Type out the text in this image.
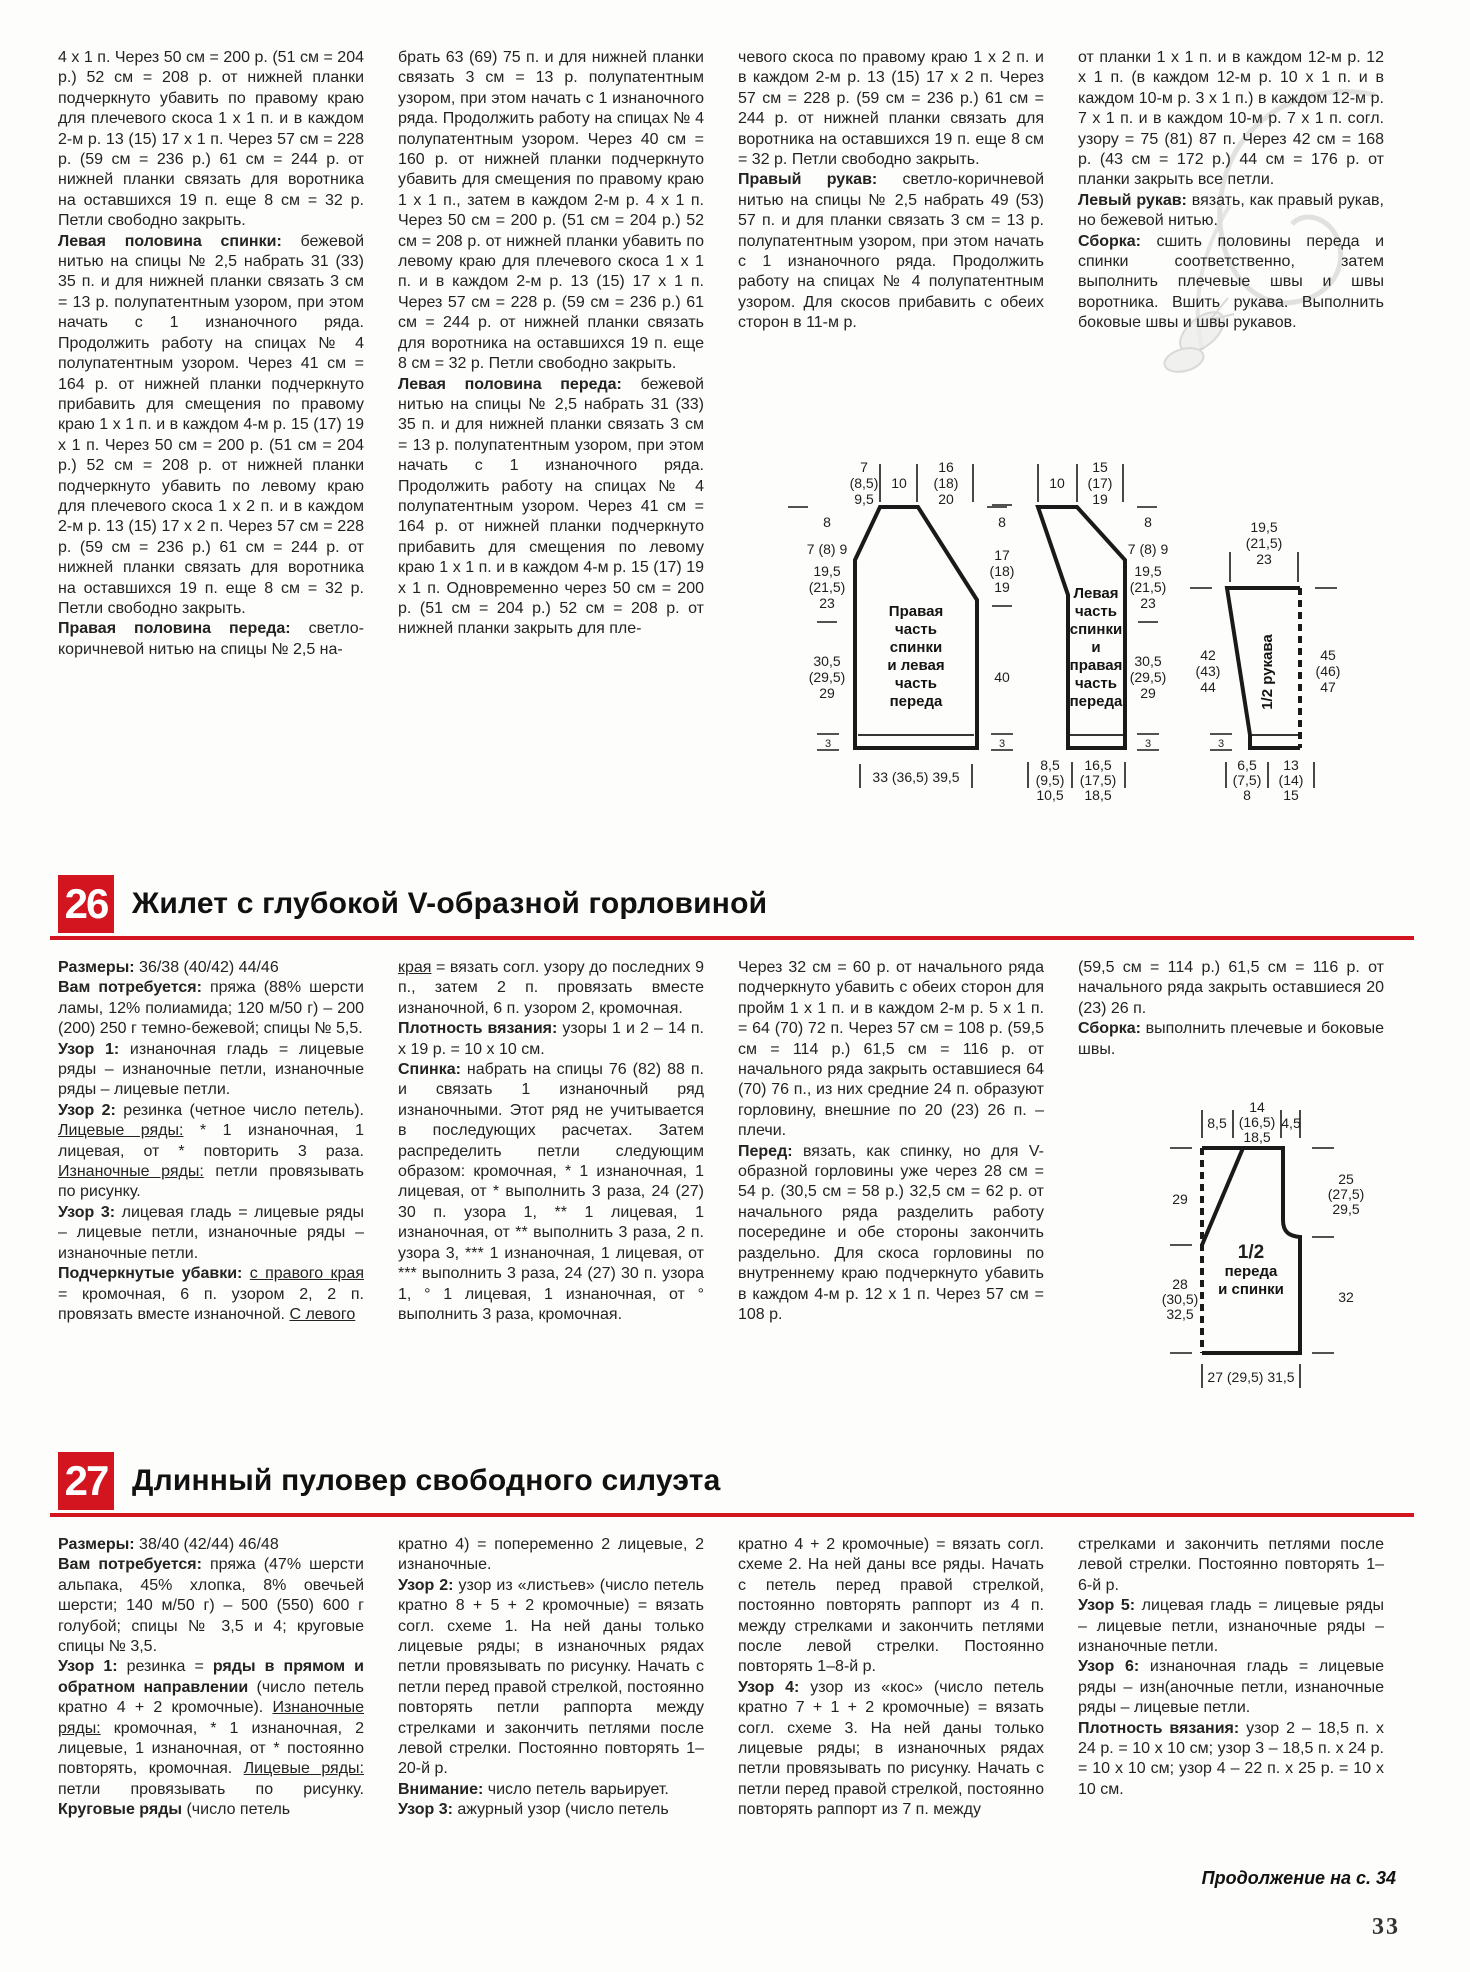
4 х 1 п. Через 50 см = 200 р. (51 см = 204 р.) 52 см = 208 р. от нижней планки подчеркнуто убавить по правому краю для плечевого скоса 1 х 1 п. и в каждом 2-м р. 13 (15) 17 х 1 п. Через 57 см = 228 р. (59 см = 236 р.) 61 см = 244 р. от нижней планки связать для воротника на оставшихся 19 п. еще 8 см = 32 р. Петли свободно закрыть.

Левая половина спинки: бежевой нитью на спицы № 2,5 набрать 31 (33) 35 п. и для нижней планки связать 3 см = 13 р. полупатентным узором, при этом начать с 1 изнаночного ряда. Продолжить работу на спицах № 4 полупатентным узором. Через 41 см = 164 р. от нижней планки подчеркнуто прибавить для смещения по правому краю 1 х 1 п. и в каждом 4-м р. 15 (17) 19 х 1 п. Через 50 см = 200 р. (51 см = 204 р.) 52 см = 208 р. от нижней планки подчеркнуто убавить по левому краю для плечевого скоса 1 х 2 п. и в каждом 2-м р. 13 (15) 17 х 2 п. Через 57 см = 228 р. (59 см = 236 р.) 61 см = 244 р. от нижней планки связать для воротника на оставшихся 19 п. еще 8 см = 32 р. Петли свободно закрыть.

Правая половина переда: светло-коричневой нитью на спицы № 2,5 на-

брать 63 (69) 75 п. и для нижней планки связать 3 см = 13 р. полупатентным узором, при этом начать с 1 изнаночного ряда. Продолжить работу на спицах № 4 полупатентным узором. Через 40 см = 160 р. от нижней планки подчеркнуто убавить для смещения по правому краю 1 х 1 п., затем в каждом 2-м р. 4 х 1 п. Через 50 см = 200 р. (51 см = 204 р.) 52 см = 208 р. от нижней планки убавить по левому краю для плечевого скоса 1 х 1 п. и в каждом 2-м р. 13 (15) 17 х 1 п. Через 57 см = 228 р. (59 см = 236 р.) 61 см = 244 р. от нижней планки связать для воротника на оставшихся 19 п. еще 8 см = 32 р. Петли свободно закрыть.

Левая половина переда: бежевой нитью на спицы № 2,5 набрать 31 (33) 35 п. и для нижней планки связать 3 см = 13 р. полупатентным узором, при этом начать с 1 изнаночного ряда. Продолжить работу на спицах № 4 полупатентным узором. Через 41 см = 164 р. от нижней планки подчеркнуто прибавить для смещения по левому краю 1 х 1 п. и в каждом 4-м р. 15 (17) 19 х 1 п. Одновременно через 50 см = 200 р. (51 см = 204 р.) 52 см = 208 р. от нижней планки закрыть для пле-

чевого скоса по правому краю 1 х 2 п. и в каждом 2-м р. 13 (15) 17 х 2 п. Через 57 см = 228 р. (59 см = 236 р.) 61 см = 244 р. от нижней планки связать для воротника на оставшихся 19 п. еще 8 см = 32 р. Петли свободно закрыть.

Правый рукав: светло-коричневой нитью на спицы № 2,5 набрать 49 (53) 57 п. и для планки связать 3 см = 13 р. полупатентным узором, при этом начать с 1 изнаночного ряда. Продолжить работу на спицах № 4 полупатентным узором. Для скосов прибавить с обеих сторон в 11-м р.

от планки 1 х 1 п. и в каждом 12-м р. 12 х 1 п. (в каждом 12-м р. 10 х 1 п. и в каждом 10-м р. 3 х 1 п.) в каждом 12-м р. 7 х 1 п. и в каждом 10-м р. 7 х 1 п. согл. узору = 75 (81) 87 п. Через 42 см = 168 р. (43 см = 172 р.) 44 см = 176 р. от планки закрыть все петли.

Левый рукав: вязать, как правый рукав, но бежевой нитью.

Сборка: сшить половины переда и спинки соответственно, затем выполнить плечевые швы и швы воротника. Вшить рукава. Выполнить боковые швы и швы рукавов.

7
(8,5)
9,5
10
16
(18)
20
8
7 (8) 9
19,5
(21,5)
23
30,5
(29,5)
29
3
33 (36,5) 39,5
Правая
часть
спинки
и левая
часть
переда
8
17
(18)
19
40
3
10
15
(17)
19
8
7 (8) 9
19,5
(21,5)
23
30,5
(29,5)
29
3
8,5
(9,5)
10,5
16,5
(17,5)
18,5
Левая
часть
спинки
и
правая
часть
переда
19,5
(21,5)
23
42
(43)
44
45
(46)
47
1/2 рукава
3
6,5
(7,5)
8
13
(14)
15
26 Жилет с глубокой V-образной горловиной

Размеры: 36/38 (40/42) 44/46

Вам потребуется: пряжа (88% шерсти ламы, 12% полиамида; 120 м/50 г) – 200 (200) 250 г темно-бежевой; спицы № 5,5.

Узор 1: изнаночная гладь = лицевые ряды – изнаночные петли, изнаночные ряды – лицевые петли.

Узор 2: резинка (четное число петель). Лицевые ряды: * 1 изнаночная, 1 лицевая, от * повторить 3 раза. Изнаночные ряды: петли провязывать по рисунку.

Узор 3: лицевая гладь = лицевые ряды – лицевые петли, изнаночные ряды – изнаночные петли.

Подчеркнутые убавки: с правого края = кромочная, 6 п. узором 2, 2 п. провязать вместе изнаночной. С левого

края = вязать согл. узору до последних 9 п., затем 2 п. провязать вместе изнаночной, 6 п. узором 2, кромочная.

Плотность вязания: узоры 1 и 2 – 14 п. х 19 р. = 10 х 10 см.

Спинка: набрать на спицы 76 (82) 88 п. и связать 1 изнаночный ряд изнаночными. Этот ряд не учитывается в последующих расчетах. Затем распределить петли следующим образом: кромочная, * 1 изнаночная, 1 лицевая, от * выполнить 3 раза, 24 (27) 30 п. узора 1, ** 1 лицевая, 1 изнаночная, от ** выполнить 3 раза, 2 п. узора 3, *** 1 изнаночная, 1 лицевая, от *** выполнить 3 раза, 24 (27) 30 п. узора 1, ° 1 лицевая, 1 изнаночная, от ° выполнить 3 раза, кромочная.

Через 32 см = 60 р. от начального ряда подчеркнуто убавить с обеих сторон для пройм 1 х 1 п. и в каждом 2-м р. 5 х 1 п. = 64 (70) 72 п. Через 57 см = 108 р. (59,5 см = 114 р.) 61,5 см = 116 р. от начального ряда закрыть оставшиеся 64 (70) 76 п., из них средние 24 п. образуют горловину, внешние по 20 (23) 26 п. – плечи.

Перед: вязать, как спинку, но для V-образной горловины уже через 28 см = 54 р. (30,5 см = 58 р.) 32,5 см = 62 р. от начального ряда разделить работу посередине и обе стороны закончить раздельно. Для скоса горловины по внутреннему краю подчеркнуто убавить в каждом 4-м р. 12 х 1 п. Через 57 см = 108 р.

(59,5 см = 114 р.) 61,5 см = 116 р. от начального ряда закрыть оставшиеся 20 (23) 26 п.

Сборка: выполнить плечевые и боковые швы.

8,5
14
(16,5)
18,5
4,5
29
28
(30,5)
32,5
25
(27,5)
29,5
32
27 (29,5) 31,5
1/2
переда
и спинки
27 Длинный пуловер свободного силуэта

Размеры: 38/40 (42/44) 46/48

Вам потребуется: пряжа (47% шерсти альпака, 45% хлопка, 8% овечьей шерсти; 140 м/50 г) – 500 (550) 600 г голубой; спицы № 3,5 и 4; круговые спицы № 3,5.

Узор 1: резинка = ряды в прямом и обратном направлении (число петель кратно 4 + 2 кромочные). Изнаночные ряды: кромочная, * 1 изнаночная, 2 лицевые, 1 изнаночная, от * постоянно повторять, кромочная. Лицевые ряды: петли провязывать по рисунку. Круговые ряды (число петель

кратно 4) = попеременно 2 лицевые, 2 изнаночные.

Узор 2: узор из «листьев» (число петель кратно 8 + 5 + 2 кромочные) = вязать согл. схеме 1. На ней даны только лицевые ряды; в изнаночных рядах петли провязывать по рисунку. Начать с петли перед правой стрелкой, постоянно повторять петли раппорта между стрелками и закончить петлями после левой стрелки. Постоянно повторять 1–20-й р.

Внимание: число петель варьирует.

Узор 3: ажурный узор (число петель

кратно 4 + 2 кромочные) = вязать согл. схеме 2. На ней даны все ряды. Начать с петель перед правой стрелкой, постоянно повторять раппорт из 4 п. между стрелками и закончить петлями после левой стрелки. Постоянно повторять 1–8-й р.

Узор 4: узор из «кос» (число петель кратно 7 + 1 + 2 кромочные) = вязать согл. схеме 3. На ней даны только лицевые ряды; в изнаночных рядах петли провязывать по рисунку. Начать с петли перед правой стрелкой, постоянно повторять раппорт из 7 п. между

стрелками и закончить петлями после левой стрелки. Постоянно повторять 1–6-й р.

Узор 5: лицевая гладь = лицевые ряды – лицевые петли, изнаночные ряды – изнаночные петли.

Узор 6: изнаночная гладь = лицевые ряды – изн(аночные петли, изнаночные ряды – лицевые петли.

Плотность вязания: узор 2 – 18,5 п. х 24 р. = 10 х 10 см; узор 3 – 18,5 п. х 24 р. = 10 х 10 см; узор 4 – 22 п. х 25 р. = 10 х 10 см.

Продолжение на с. 34
33
